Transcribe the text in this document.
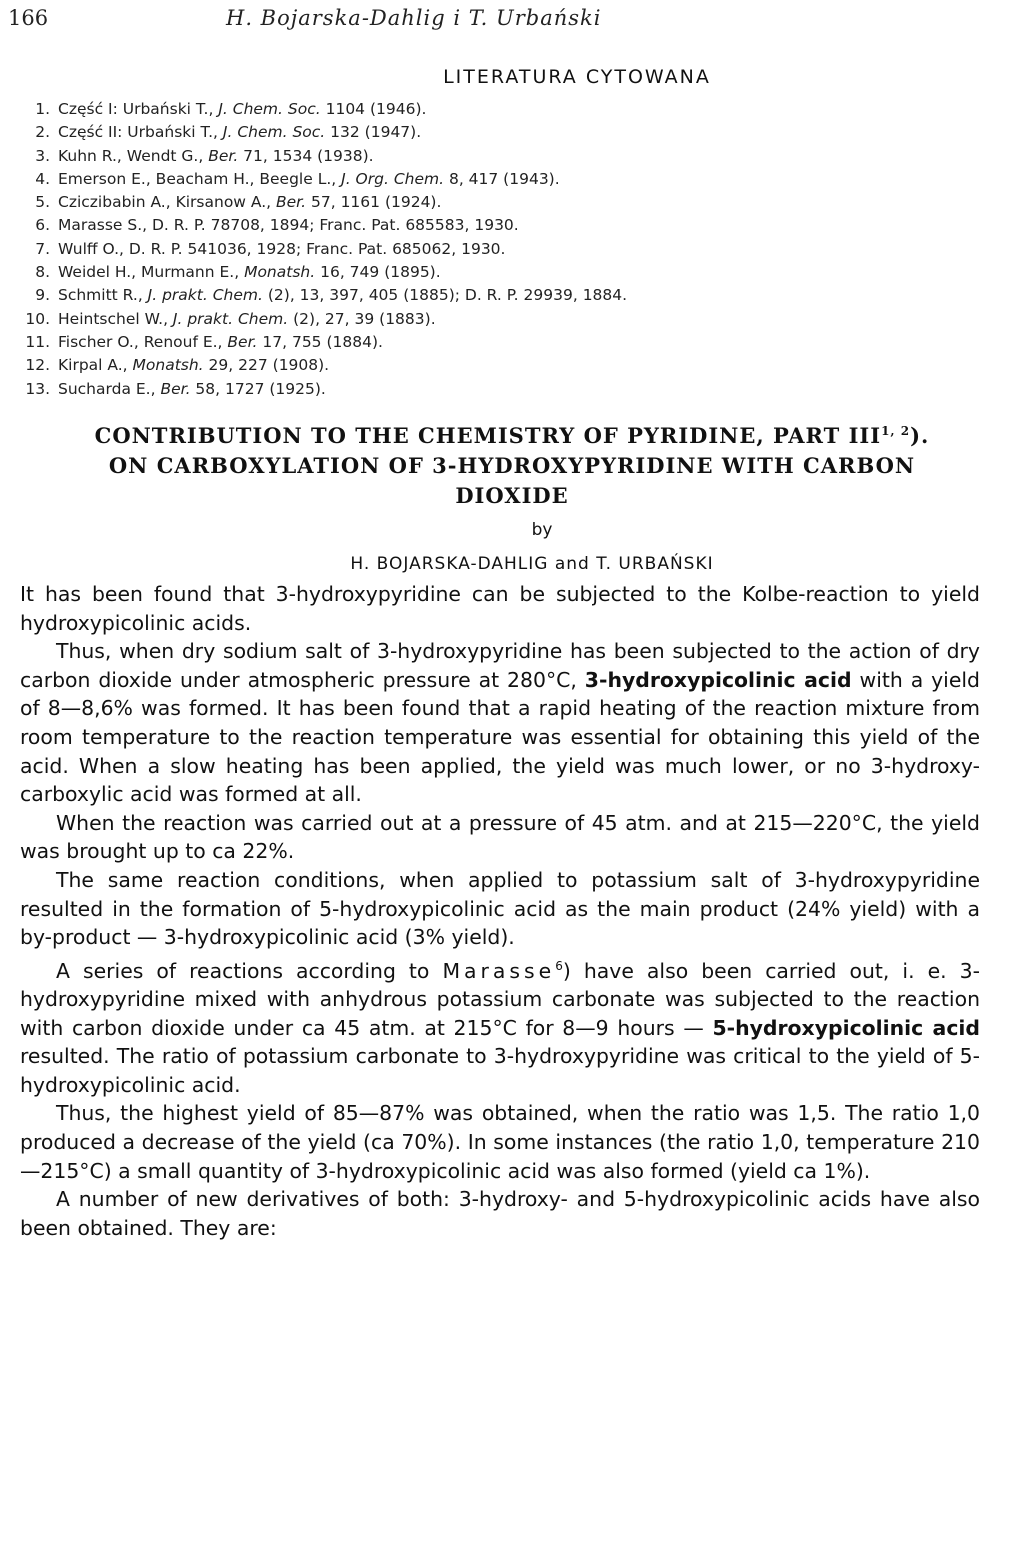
166	H. Bojarska-Dahlig i T. Urbański
LITERATURA CYTOWANA
1. Część I: Urbański T., J. Chem. Soc. 1104 (1946).
2. Część II: Urbański T., J. Chem. Soc. 132 (1947).
3. Kuhn R., Wendt G., Ber. 71, 1534 (1938).
4. Emerson E., Beacham H., Beegle L., J. Org. Chem. 8, 417 (1943).
5. Cziczibabin A., Kirsanow A., Ber. 57, 1161 (1924).
6. Marasse S., D. R. P. 78708, 1894; Franc. Pat. 685583, 1930.
7. Wulff O., D. R. P. 541036, 1928; Franc. Pat. 685062, 1930.
8. Weidel H., Murmann E., Monatsh. 16, 749 (1895).
9. Schmitt R., J. prakt. Chem. (2), 13, 397, 405 (1885); D. R. P. 29939, 1884.
10. Heintschel W., J. prakt. Chem. (2), 27, 39 (1883).
11. Fischer O., Renouf E., Ber. 17, 755 (1884).
12. Kirpal A., Monatsh. 29, 227 (1908).
13. Sucharda E., Ber. 58, 1727 (1925).
CONTRIBUTION TO THE CHEMISTRY OF PYRIDINE, PART III$^{1, 2}$).
ON CARBOXYLATION OF 3-HYDROXYPYRIDINE WITH CARBON
DIOXIDE
by
H. BOJARSKA-DAHLIG and T. URBAŃSKI

It has been found that 3-hydroxypyridine can be subjected to the Kolbe-reaction to yield hydroxypicolinic acids.

Thus, when dry sodium salt of 3-hydroxypyridine has been subjected to the action of dry carbon dioxide under atmospheric pressure at 280°C, 3-hydroxypicolinic acid with a yield of 8—8,6% was formed. It has been found that a rapid heating of the reaction mixture from room temperature to the reaction temperature was essential for obtaining this yield of the acid. When a slow heating has been applied, the yield was much lower, or no 3-hydroxy-carboxylic acid was formed at all.

When the reaction was carried out at a pressure of 45 atm. and at 215—220°C, the yield was brought up to ca 22%.

The same reaction conditions, when applied to potassium salt of 3-hydroxypyridine resulted in the formation of 5-hydroxypicolinic acid as the main product (24% yield) with a by-product — 3-hydroxypicolinic acid (3% yield).

A series of reactions according to Marasse$^6$) have also been carried out, i. e. 3-hydroxypyridine mixed with anhydrous potassium carbonate was subjected to the reaction with carbon dioxide under ca 45 atm. at 215°C for 8—9 hours — 5-hydroxypicolinic acid resulted. The ratio of potassium carbonate to 3-hydroxypyridine was critical to the yield of 5-hydroxypicolinic acid.

Thus, the highest yield of 85—87% was obtained, when the ratio was 1,5. The ratio 1,0 produced a decrease of the yield (ca 70%). In some instances (the ratio 1,0, temperature 210—215°C) a small quantity of 3-hydroxypicolinic acid was also formed (yield ca 1%).

A number of new derivatives of both: 3-hydroxy- and 5-hydroxypicolinic acids have also been obtained. They are:
